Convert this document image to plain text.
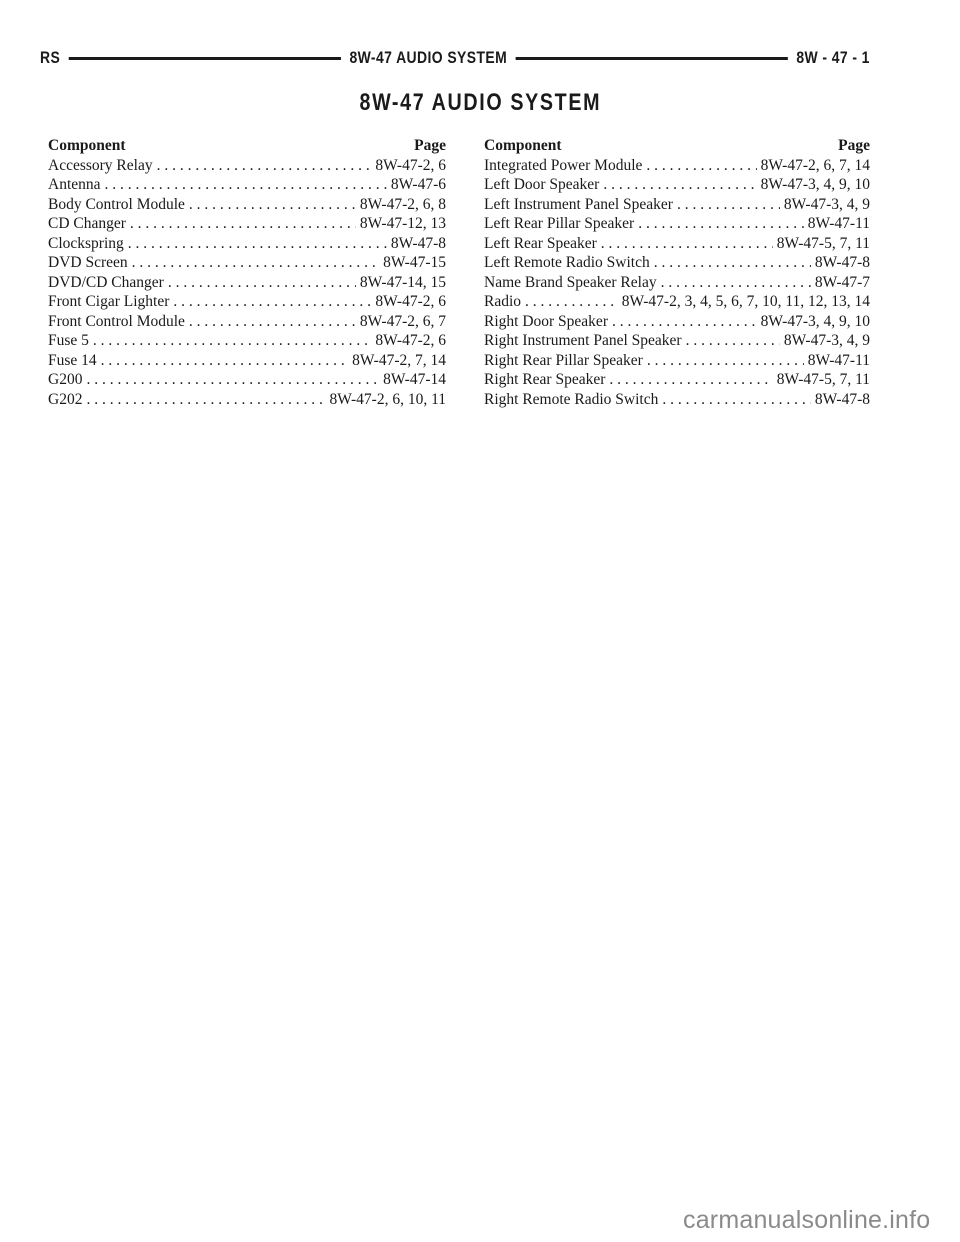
RS	8W-47 AUDIO SYSTEM	8W - 47 - 1
8W-47 AUDIO SYSTEM
Component	Page
Accessory Relay . . .	8W-47-2, 6
Antenna . . .	8W-47-6
Body Control Module . . .	8W-47-2, 6, 8
CD Changer . . .	8W-47-12, 13
Clockspring . . .	8W-47-8
DVD Screen . . .	8W-47-15
DVD/CD Changer . . .	8W-47-14, 15
Front Cigar Lighter . . .	8W-47-2, 6
Front Control Module . . .	8W-47-2, 6, 7
Fuse 5 . . .	8W-47-2, 6
Fuse 14 . . .	8W-47-2, 7, 14
G200 . . .	8W-47-14
G202 . . .	8W-47-2, 6, 10, 11
Component	Page
Integrated Power Module . . .	8W-47-2, 6, 7, 14
Left Door Speaker . . .	8W-47-3, 4, 9, 10
Left Instrument Panel Speaker . . .	8W-47-3, 4, 9
Left Rear Pillar Speaker . . .	8W-47-11
Left Rear Speaker . . .	8W-47-5, 7, 11
Left Remote Radio Switch . . .	8W-47-8
Name Brand Speaker Relay . . .	8W-47-7
Radio . . .	8W-47-2, 3, 4, 5, 6, 7, 10, 11, 12, 13, 14
Right Door Speaker . . .	8W-47-3, 4, 9, 10
Right Instrument Panel Speaker . . .	8W-47-3, 4, 9
Right Rear Pillar Speaker . . .	8W-47-11
Right Rear Speaker . . .	8W-47-5, 7, 11
Right Remote Radio Switch . . .	8W-47-8
carmanualsonline.info
